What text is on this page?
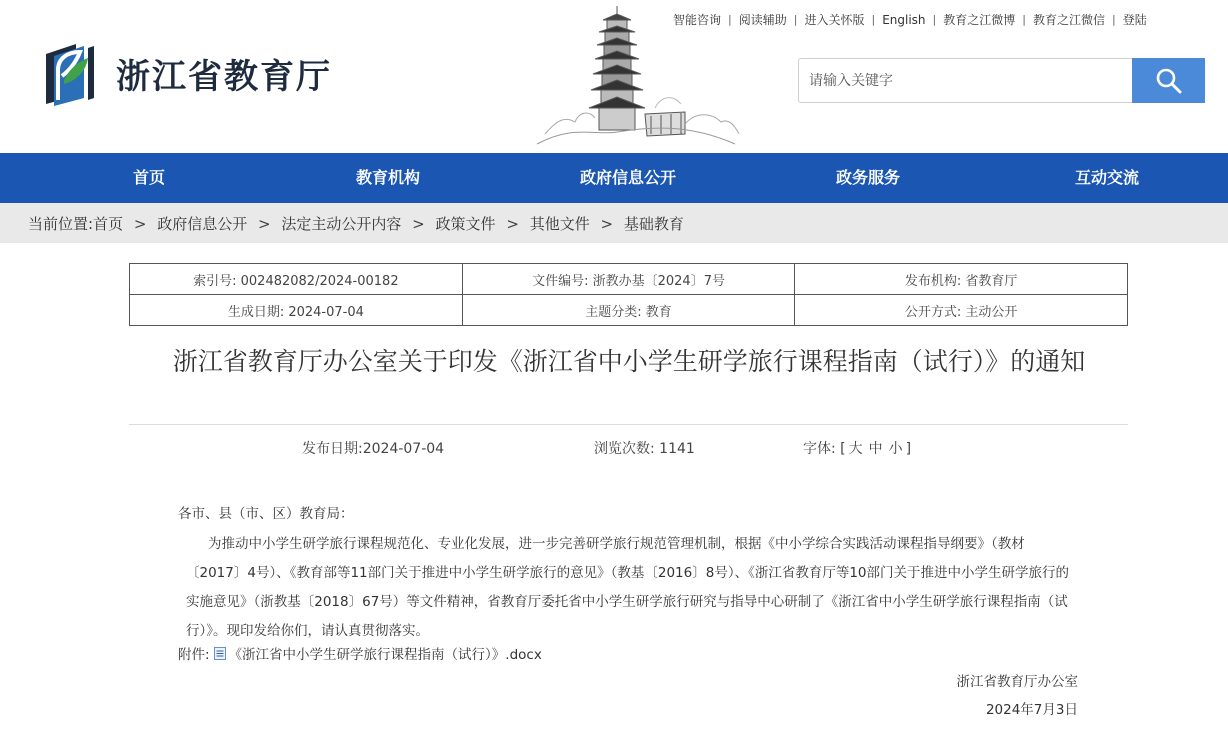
浙江省教育厅
智能咨询 | 阅读辅助 | 进入关怀版 | English | 教育之江微博 | 教育之江微信 | 登陆
请输入关键字
首页	教育机构	政府信息公开	政务服务	互动交流
当前位置:首页 > 政府信息公开 > 法定主动公开内容 > 政策文件 > 其他文件 > 基础教育
索引号: 002482082/2024-00182	文件编号: 浙教办基〔2024〕7号	发布机构: 省教育厅
生成日期: 2024-07-04	主题分类: 教育	公开方式: 主动公开
浙江省教育厅办公室关于印发《浙江省中小学生研学旅行课程指南（试行）》的通知
发布日期:2024-07-04	浏览次数: 1141	字体: [ 大 中 小 ]
各市、县（市、区）教育局：
为推动中小学生研学旅行课程规范化、专业化发展，进一步完善研学旅行规范管理机制，根据《中小学综合实践活动课程指导纲要》（教材〔2017〕4号）、《教育部等11部门关于推进中小学生研学旅行的意见》（教基〔2016〕8号）、《浙江省教育厅等10部门关于推进中小学生研学旅行的实施意见》（浙教基〔2018〕67号）等文件精神，省教育厅委托省中小学生研学旅行研究与指导中心研制了《浙江省中小学生研学旅行课程指南（试行）》。现印发给你们，请认真贯彻落实。
附件: 《浙江省中小学生研学旅行课程指南（试行）》.docx
浙江省教育厅办公室
2024年7月3日
